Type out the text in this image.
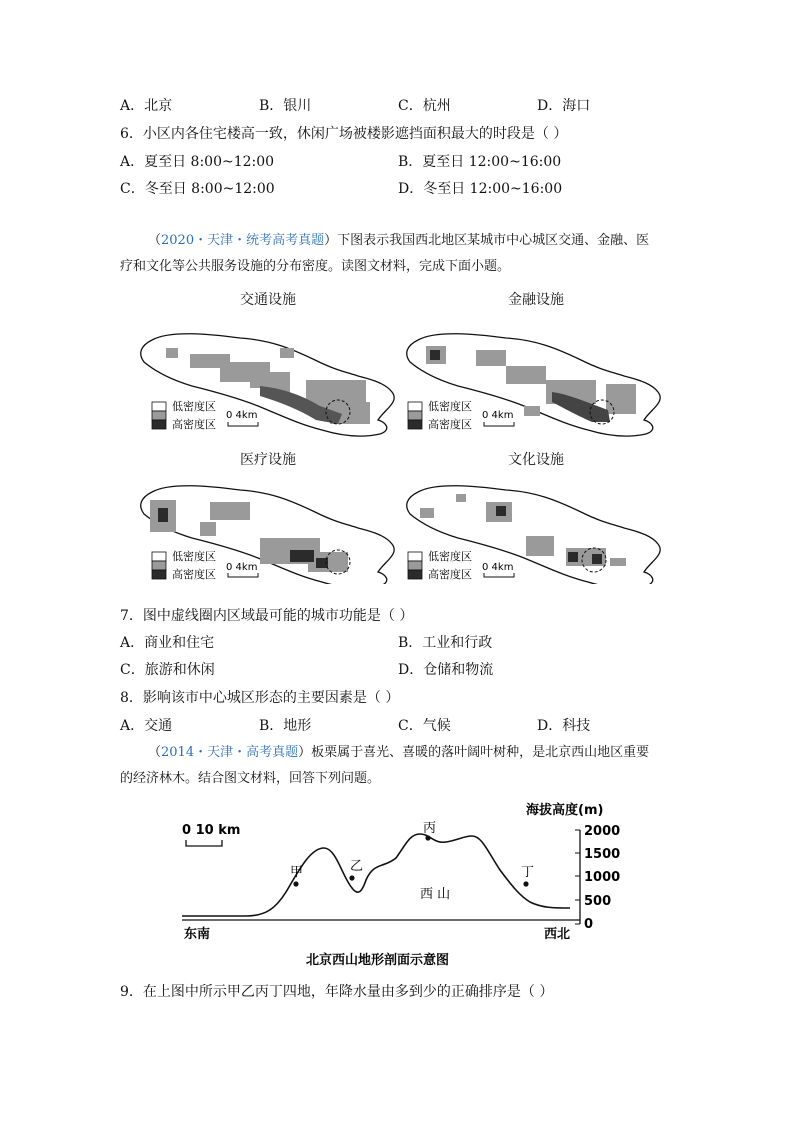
A．北京	B．银川	C．杭州	D．海口
6．小区内各住宅楼高一致，休闲广场被楼影遮挡面积最大的时段是（ ）
A．夏至日 8:00~12:00	B．夏至日 12:00~16:00
C．冬至日 8:00~12:00	D．冬至日 12:00~16:00
（2020・天津・统考高考真题）下图表示我国西北地区某城市中心城区交通、金融、医
疗和文化等公共服务设施的分布密度。读图文材料，完成下面小题。
交通设施
低密度区
高密度区
0 4km
金融设施
低密度区
高密度区
0 4km
医疗设施
低密度区
高密度区
0 4km
文化设施
低密度区
高密度区
0 4km
7．图中虚线圈内区域最可能的城市功能是（ ）
A．商业和住宅	B．工业和行政
C．旅游和休闲	D．仓储和物流
8．影响该市中心城区形态的主要因素是（ ）
A．交通	B．地形	C．气候	D．科技
（2014・天津・高考真题）板栗属于喜光、喜暖的落叶阔叶树种，是北京西山地区重要
的经济林木。结合图文材料，回答下列问题。
海拔高度(m)
2000
1500
1000
500
0
0 10 km
甲	乙
丙
丁
西 山
东南	西北
北京西山地形剖面示意图
9．在上图中所示甲乙丙丁四地，年降水量由多到少的正确排序是（ ）
